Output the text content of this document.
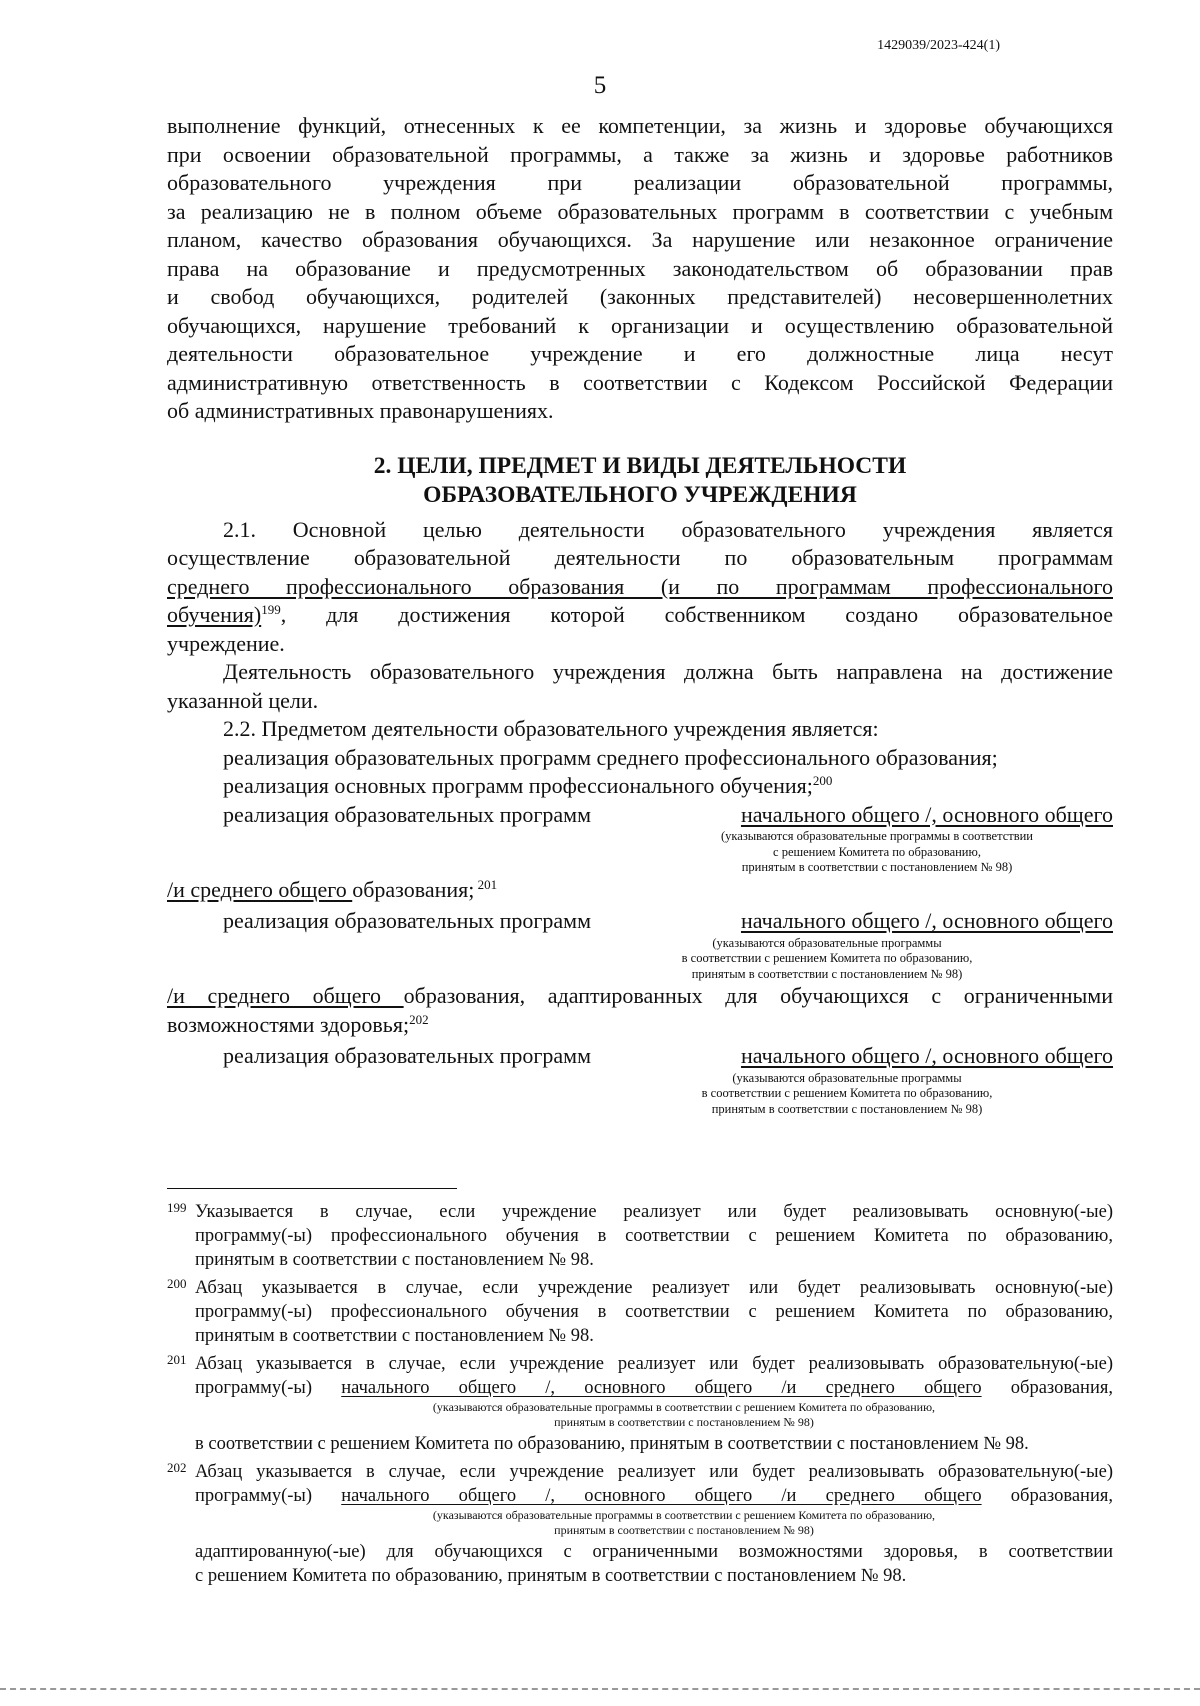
1429039/2023-424(1)
5
выполнение функций, отнесенных к ее компетенции, за жизнь и здоровье обучающихся
при освоении образовательной программы, а также за жизнь и здоровье работников
образовательного учреждения при реализации образовательной программы,
за реализацию не в полном объеме образовательных программ в соответствии с учебным
планом, качество образования обучающихся. За нарушение или незаконное ограничение
права на образование и предусмотренных законодательством об образовании прав
и свобод обучающихся, родителей (законных представителей) несовершеннолетних
обучающихся, нарушение требований к организации и осуществлению образовательной
деятельности образовательное учреждение и его должностные лица несут
административную ответственность в соответствии с Кодексом Российской Федерации
об административных правонарушениях.
2. ЦЕЛИ, ПРЕДМЕТ И ВИДЫ ДЕЯТЕЛЬНОСТИ
ОБРАЗОВАТЕЛЬНОГО УЧРЕЖДЕНИЯ
2.1. Основной целью деятельности образовательного учреждения является
осуществление образовательной деятельности по образовательным программам
среднего профессионального образования (и по программам профессионального
обучения)$^{199}$, для достижения которой собственником создано образовательное
учреждение.
Деятельность образовательного учреждения должна быть направлена на достижение
указанной цели.
2.2. Предметом деятельности образовательного учреждения является:
реализация образовательных программ среднего профессионального образования;
реализация основных программ профессионального обучения;$^{200}$
реализация образовательных программ	начального общего /, основного общего
(указываются образовательные программы в соответствии
с решением Комитета по образованию,
принятым в соответствии с постановлением № 98)
/и среднего общего образования; $^{201}$
реализация образовательных программ	начального общего /, основного общего
(указываются образовательные программы
в соответствии с решением Комитета по образованию,
принятым в соответствии с постановлением № 98)
/и среднего общего образования, адаптированных для обучающихся с ограниченными
возможностями здоровья;$^{202}$
реализация образовательных программ	начального общего /, основного общего
(указываются образовательные программы
в соответствии с решением Комитета по образованию,
принятым в соответствии с постановлением № 98)
199 Указывается в случае, если учреждение реализует или будет реализовывать основную(-ые)
программу(-ы) профессионального обучения в соответствии с решением Комитета по образованию,
принятым в соответствии с постановлением № 98.
200 Абзац указывается в случае, если учреждение реализует или будет реализовывать основную(-ые)
программу(-ы) профессионального обучения в соответствии с решением Комитета по образованию,
принятым в соответствии с постановлением № 98.
201 Абзац указывается в случае, если учреждение реализует или будет реализовывать образовательную(-ые)
программу(-ы) начального общего /, основного общего /и среднего общего образования,
(указываются образовательные программы в соответствии с решением Комитета по образованию,
принятым в соответствии с постановлением № 98)
в соответствии с решением Комитета по образованию, принятым в соответствии с постановлением № 98.
202 Абзац указывается в случае, если учреждение реализует или будет реализовывать образовательную(-ые)
программу(-ы) начального общего /, основного общего /и среднего общего образования,
(указываются образовательные программы в соответствии с решением Комитета по образованию,
принятым в соответствии с постановлением № 98)
адаптированную(-ые) для обучающихся с ограниченными возможностями здоровья, в соответствии
с решением Комитета по образованию, принятым в соответствии с постановлением № 98.
